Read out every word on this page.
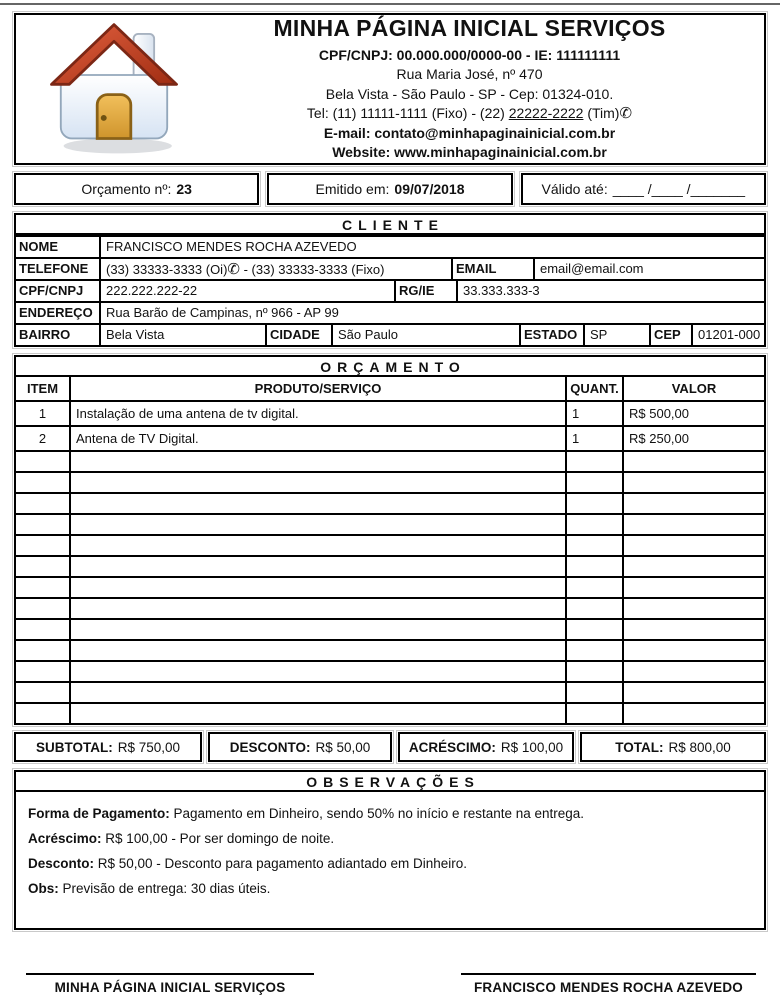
MINHA PÁGINA INICIAL SERVIÇOS
CPF/CNPJ: 00.000.000/0000-00 - IE: 111111111
Rua Maria José, nº 470
Bela Vista - São Paulo - SP - Cep: 01324-010.
Tel: (11) 11111-1111 (Fixo) - (22) 22222-2222 (Tim)✆
E-mail: contato@minhapaginainicial.com.br
Website: www.minhapaginainicial.com.br
Orçamento nº: 23	Emitido em: 09/07/2018	Válido até: ____ /____ /_______
CLIENTE
NOME	FRANCISCO MENDES ROCHA AZEVEDO
TELEFONE	(33) 33333-3333 (Oi)✆ - (33) 33333-3333 (Fixo)	EMAIL	email@email.com
CPF/CNPJ	222.222.222-22	RG/IE	33.333.333-3
ENDEREÇO	Rua Barão de Campinas, nº 966 - AP 99
BAIRRO	Bela Vista	CIDADE	São Paulo	ESTADO SP	CEP	01201-000
ORÇAMENTO
ITEM	PRODUTO/SERVIÇO	QUANT.	VALOR
1	Instalação de uma antena de tv digital.	1	R$ 500,00
2	Antena de TV Digital.	1	R$ 250,00
SUBTOTAL: R$ 750,00	DESCONTO: R$ 50,00	ACRÉSCIMO: R$ 100,00	TOTAL: R$ 800,00
OBSERVAÇÕES
Forma de Pagamento: Pagamento em Dinheiro, sendo 50% no início e restante na entrega.
Acréscimo: R$ 100,00 - Por ser domingo de noite.
Desconto: R$ 50,00 - Desconto para pagamento adiantado em Dinheiro.
Obs: Previsão de entrega: 30 dias úteis.
MINHA PÁGINA INICIAL SERVIÇOS	FRANCISCO MENDES ROCHA AZEVEDO
